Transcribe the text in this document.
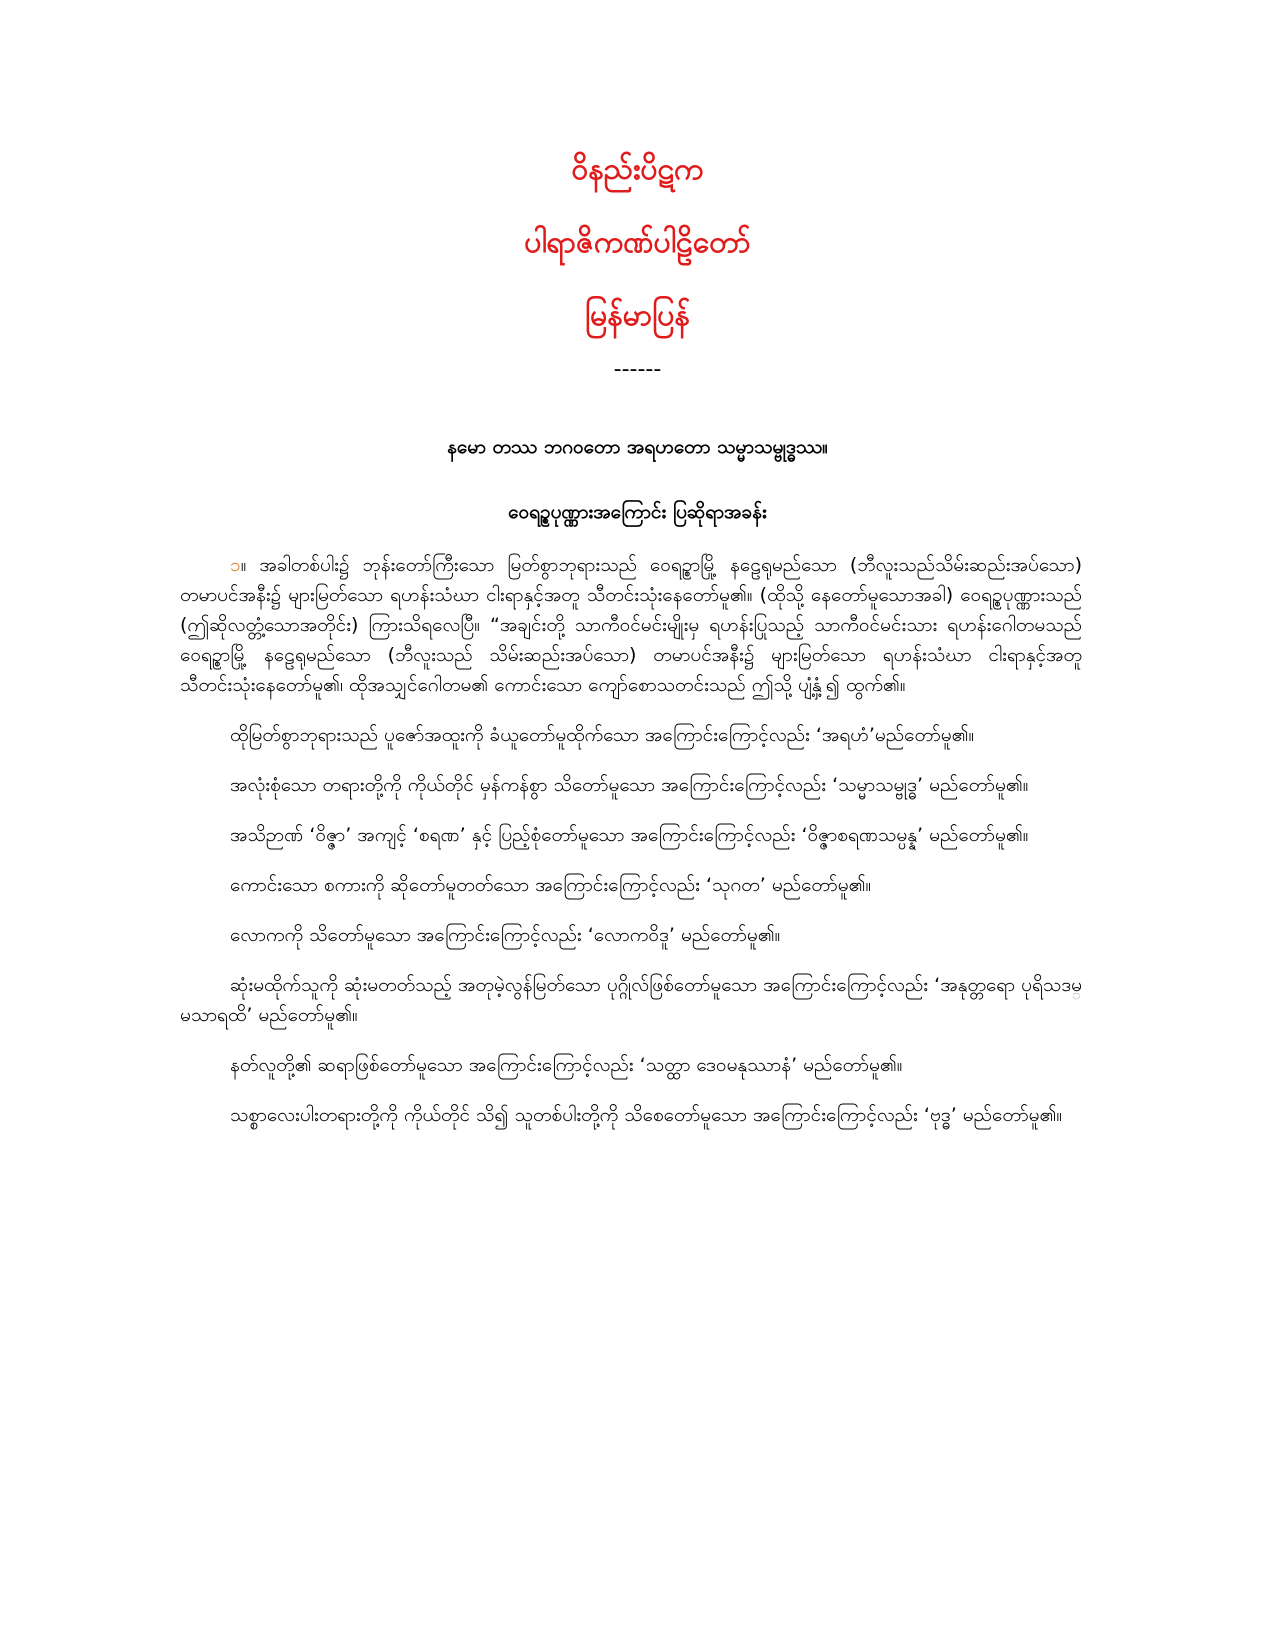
ဝိနည်းပိဋက
ပါရာဇိကဏ်ပါဠိတော်
မြန်မာပြန်
------
နမော တဿ ဘဂဝတော အရဟတော သမ္မာသမ္ဗုဒ္ဓဿ။
ဝေရဉ္စပုဏ္ဏားအကြောင်း ပြဆိုရာအခန်း

၁။ အခါတစ်ပါး၌ ဘုန်းတော်ကြီးသော မြတ်စွာဘုရားသည် ဝေရဉ္စာမြို့ နဠေရုမည်သော (ဘီလူးသည်သိမ်းဆည်းအပ်သော) တမာပင်အနီး၌ များမြတ်သော ရဟန်းသံဃာ ငါးရာနှင့်အတူ သီတင်းသုံးနေတော်မူ၏။ (ထိုသို့ နေတော်မူသောအခါ) ဝေရဉ္စပုဏ္ဏားသည် (ဤဆိုလတ္တံ့သောအတိုင်း) ကြားသိရလေပြီ။ “အချင်းတို့ သာကီဝင်မင်းမျိုးမှ ရဟန်းပြုသည့် သာကီဝင်မင်းသား ရဟန်းဂေါတမသည် ဝေရဉ္စာမြို့ နဠေရုမည်သော (ဘီလူးသည် သိမ်းဆည်းအပ်သော) တမာပင်အနီး၌ များမြတ်သော ရဟန်းသံဃာ ငါးရာနှင့်အတူ သီတင်းသုံးနေတော်မူ၏၊ ထိုအသျှင်ဂေါတမ၏ ကောင်းသော ကျော်စောသတင်းသည် ဤသို့ ပျံ့နှံ့၍ ထွက်၏။

ထိုမြတ်စွာဘုရားသည် ပူဇော်အထူးကို ခံယူတော်မူထိုက်သော အကြောင်းကြောင့်လည်း ‘အရဟံ’မည်တော်မူ၏။

အလုံးစုံသော တရားတို့ကို ကိုယ်တိုင် မှန်ကန်စွာ သိတော်မူသော အကြောင်းကြောင့်လည်း ‘သမ္မာသမ္ဗုဒ္ဓ’ မည်တော်မူ၏။

အသိဉာဏ် ‘ဝိဇ္ဇာ’ အကျင့် ‘စရဏ’ နှင့် ပြည့်စုံတော်မူသော အကြောင်းကြောင့်လည်း ‘ဝိဇ္ဇာစရဏသမ္ပန္န’ မည်တော်မူ၏။

ကောင်းသော စကားကို ဆိုတော်မူတတ်သော အကြောင်းကြောင့်လည်း ‘သုဂတ’ မည်တော်မူ၏။

လောကကို သိတော်မူသော အကြောင်းကြောင့်လည်း ‘လောကဝိဒူ’ မည်တော်မူ၏။

ဆုံးမထိုက်သူကို ဆုံးမတတ်သည့် အတုမဲ့လွန်မြတ်သော ပုဂ္ဂိုလ်ဖြစ်တော်မူသော အကြောင်းကြောင့်လည်း ‘အနုတ္တရော ပုရိသဒမ္မသာရထိ’ မည်တော်မူ၏။

နတ်လူတို့၏ ဆရာဖြစ်တော်မူသော အကြောင်းကြောင့်လည်း ‘သတ္ထာ ဒေဝမနုဿာနံ’ မည်တော်မူ၏။

သစ္စာလေးပါးတရားတို့ကို ကိုယ်တိုင် သိ၍ သူတစ်ပါးတို့ကို သိစေတော်မူသော အကြောင်းကြောင့်လည်း ‘ဗုဒ္ဓ’ မည်တော်မူ၏။
